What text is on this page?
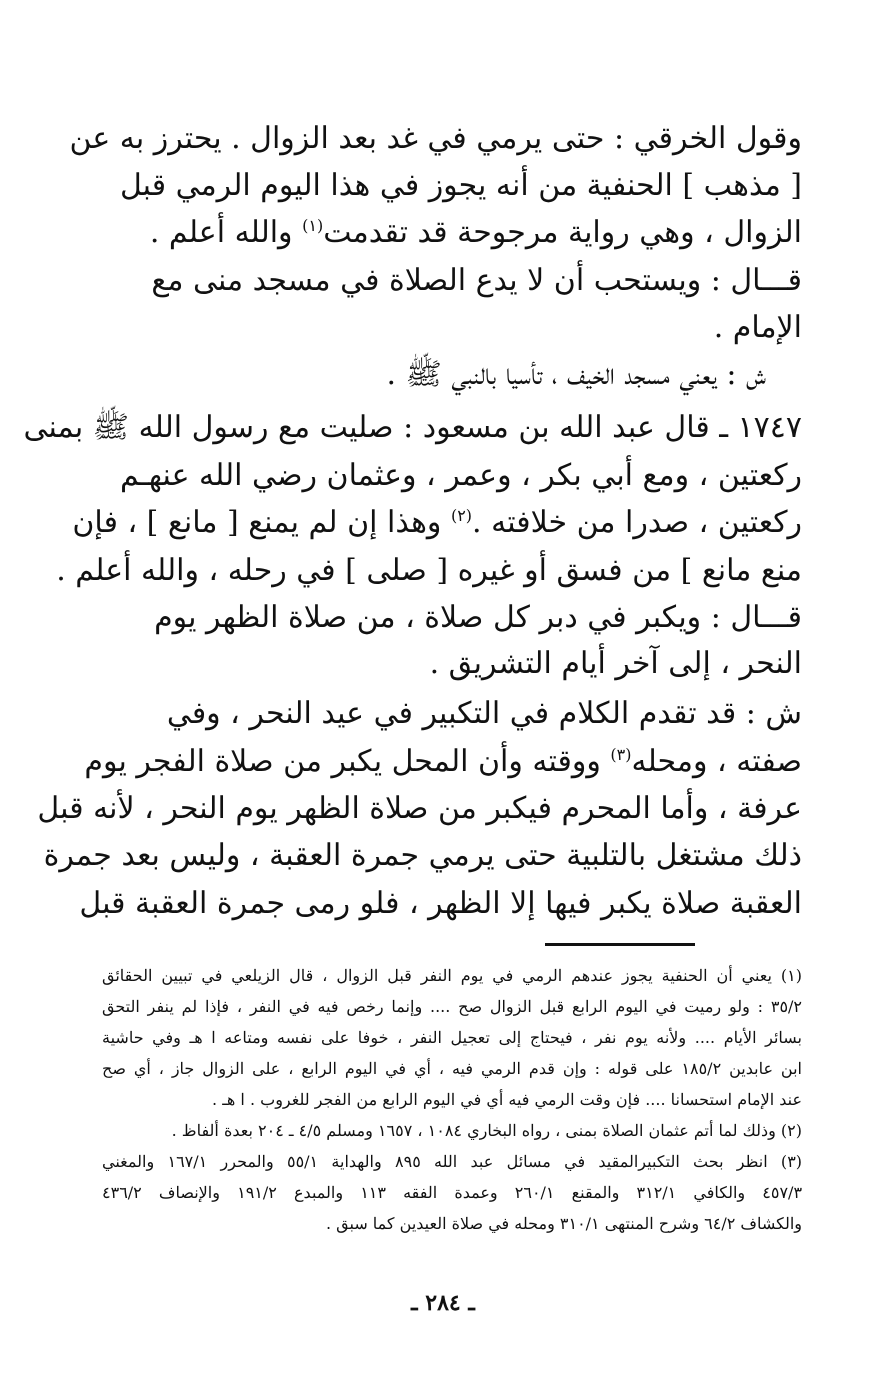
وقول الخرقي : حتى يرمي في غد بعد الزوال . يحترز به عن
[ مذهب ] الحنفية من أنه يجوز في هذا اليوم الرمي قبل
الزوال ، وهي رواية مرجوحة قد تقدمت$^{(١)}$ والله أعلم .
قـــال : ويستحب أن لا يدع الصلاة في مسجد منى مع
الإمام .
ش : يعني مسجد الخيف ، تأسيا بالنبي ﷺ .
١٧٤٧ ـ قال عبد الله بن مسعود : صليت مع رسول الله ﷺ بمنى
ركعتين ، ومع أبي بكر ، وعمر ، وعثمان رضي الله عنهـم
ركعتين ، صدرا من خلافته .$^{(٢)}$ وهذا إن لم يمنع [ مانع ] ، فإن
منع مانع ] من فسق أو غيره [ صلى ] في رحله ، والله أعلم .
قـــال : ويكبر في دبر كل صلاة ، من صلاة الظهر يوم
النحر ، إلى آخر أيام التشريق .
ش : قد تقدم الكلام في التكبير في عيد النحر ، وفي
صفته ، ومحله$^{(٣)}$ ووقته وأن المحل يكبر من صلاة الفجر يوم
عرفة ، وأما المحرم فيكبر من صلاة الظهر يوم النحر ، لأنه قبل
ذلك مشتغل بالتلبية حتى يرمي جمرة العقبة ، وليس بعد جمرة
العقبة صلاة يكبر فيها إلا الظهر ، فلو رمى جمرة العقبة قبل
(١) يعني أن الحنفية يجوز عندهم الرمي في يوم النفر قبل الزوال ، قال الزيلعي في تبيين الحقائق
٣٥/٢ : ولو رميت في اليوم الرابع قبل الزوال صح .... وإنما رخص فيه في النفر ، فإذا لم ينفر التحق
بسائر الأيام .... ولأنه يوم نفر ، فيحتاج إلى تعجيل النفر ، خوفا على نفسه ومتاعه ا هـ وفي حاشية
ابن عابدين ١٨٥/٢ على قوله : وإن قدم الرمي فيه ، أي في اليوم الرابع ، على الزوال جاز ، أي صح
عند الإمام استحسانا .... فإن وقت الرمي فيه أي في اليوم الرابع من الفجر للغروب . ا هـ .
(٢) وذلك لما أتم عثمان الصلاة بمنى ، رواه البخاري ١٠٨٤ ، ١٦٥٧ ومسلم ٤/٥ ـ ٢٠٤ بعدة ألفاظ .
(٣) انظر بحث التكبيرالمقيد في مسائل عبد الله ٨٩٥ والهداية ٥٥/١ والمحرر ١٦٧/١ والمغني
٤٥٧/٣ والكافي ٣١٢/١ والمقنع ٢٦٠/١ وعمدة الفقه ١١٣ والمبدع ١٩١/٢ والإنصاف ٤٣٦/٢
والكشاف ٦٤/٢ وشرح المنتهى ٣١٠/١ ومحله في صلاة العيدين كما سبق .
ـ ٢٨٤ ـ
